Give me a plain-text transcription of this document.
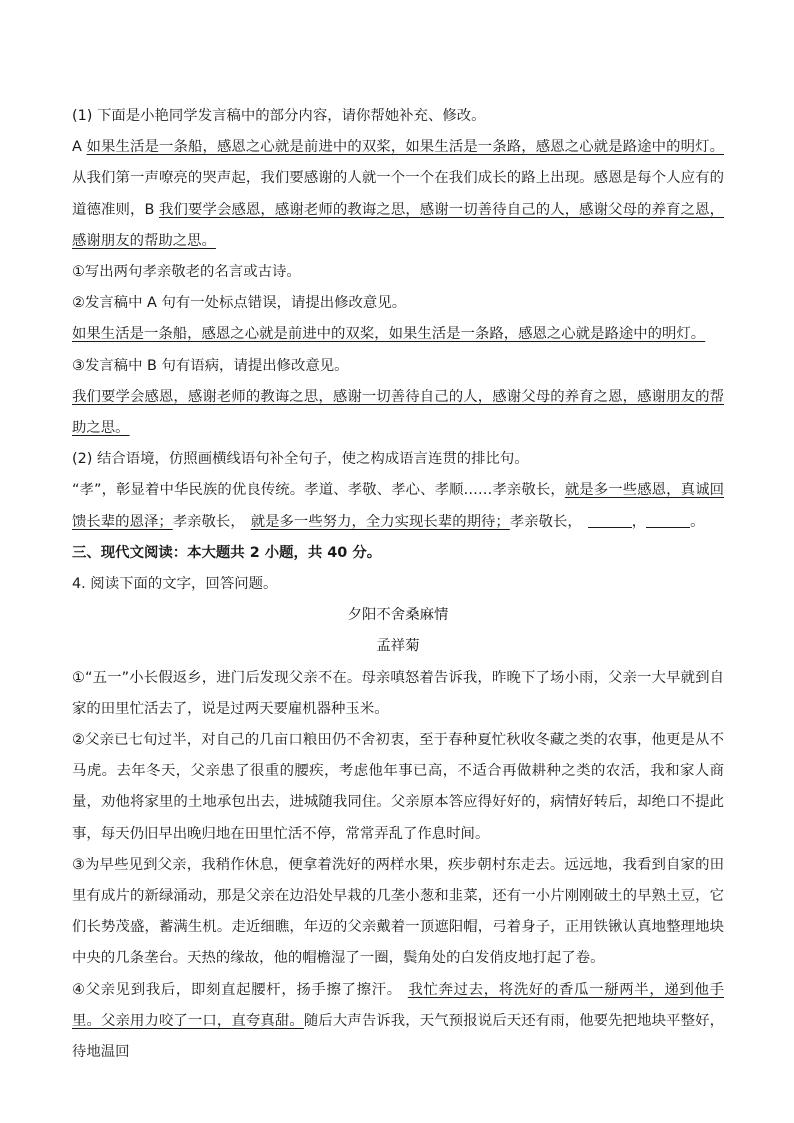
(1) 下面是小艳同学发言稿中的部分内容，请你帮她补充、修改。

A 如果生活是一条船，感恩之心就是前进中的双桨，如果生活是一条路，感恩之心就是路途中的明灯。从我们第一声嘹亮的哭声起，我们要感谢的人就一个一个在我们成长的路上出现。感恩是每个人应有的道德准则，B 我们要学会感恩，感谢老师的教诲之思，感谢一切善待自己的人，感谢父母的养育之恩，感谢朋友的帮助之思。

①写出两句孝亲敬老的名言或古诗。

②发言稿中 A 句有一处标点错误，请提出修改意见。

如果生活是一条船，感恩之心就是前进中的双桨，如果生活是一条路，感恩之心就是路途中的明灯。

③发言稿中 B 句有语病，请提出修改意见。

我们要学会感恩，感谢老师的教诲之思，感谢一切善待自己的人，感谢父母的养育之恩，感谢朋友的帮助之思。

(2) 结合语境，仿照画横线语句补全句子，使之构成语言连贯的排比句。

“孝”，彰显着中华民族的优良传统。孝道、孝敬、孝心、孝顺……孝亲敬长，就是多一些感恩，真诚回馈长辈的恩泽；孝亲敬长， 就是多一些努力，全力实现长辈的期待；孝亲敬长，	，	。

三、现代文阅读：本大题共 2 小题，共 40 分。

4. 阅读下面的文字，回答问题。

夕阳不舍桑麻情

孟祥菊

①“五一”小长假返乡，进门后发现父亲不在。母亲嗔怒着告诉我，昨晚下了场小雨，父亲一大早就到自家的田里忙活去了，说是过两天要雇机器种玉米。

②父亲已七旬过半，对自己的几亩口粮田仍不舍初衷，至于春种夏忙秋收冬藏之类的农事，他更是从不马虎。去年冬天，父亲患了很重的腰疾，考虑他年事已高，不适合再做耕种之类的农活，我和家人商量，劝他将家里的土地承包出去，进城随我同住。父亲原本答应得好好的，病情好转后，却绝口不提此事，每天仍旧早出晚归地在田里忙活不停，常常弄乱了作息时间。

③为早些见到父亲，我稍作休息，便拿着洗好的两样水果，疾步朝村东走去。远远地，我看到自家的田里有成片的新绿涌动，那是父亲在边沿处早栽的几垄小葱和韭菜，还有一小片刚刚破土的早熟土豆，它们长势茂盛，蓄满生机。走近细瞧，年迈的父亲戴着一顶遮阳帽，弓着身子，正用铁锹认真地整理地块中央的几条垄台。天热的缘故，他的帽檐湿了一圈，鬓角处的白发俏皮地打起了卷。

④父亲见到我后，即刻直起腰杆，扬手擦了擦汗。 我忙奔过去，将洗好的香瓜一掰两半，递到他手里。父亲用力咬了一口，直夸真甜。随后大声告诉我，天气预报说后天还有雨，他要先把地块平整好，待地温回
